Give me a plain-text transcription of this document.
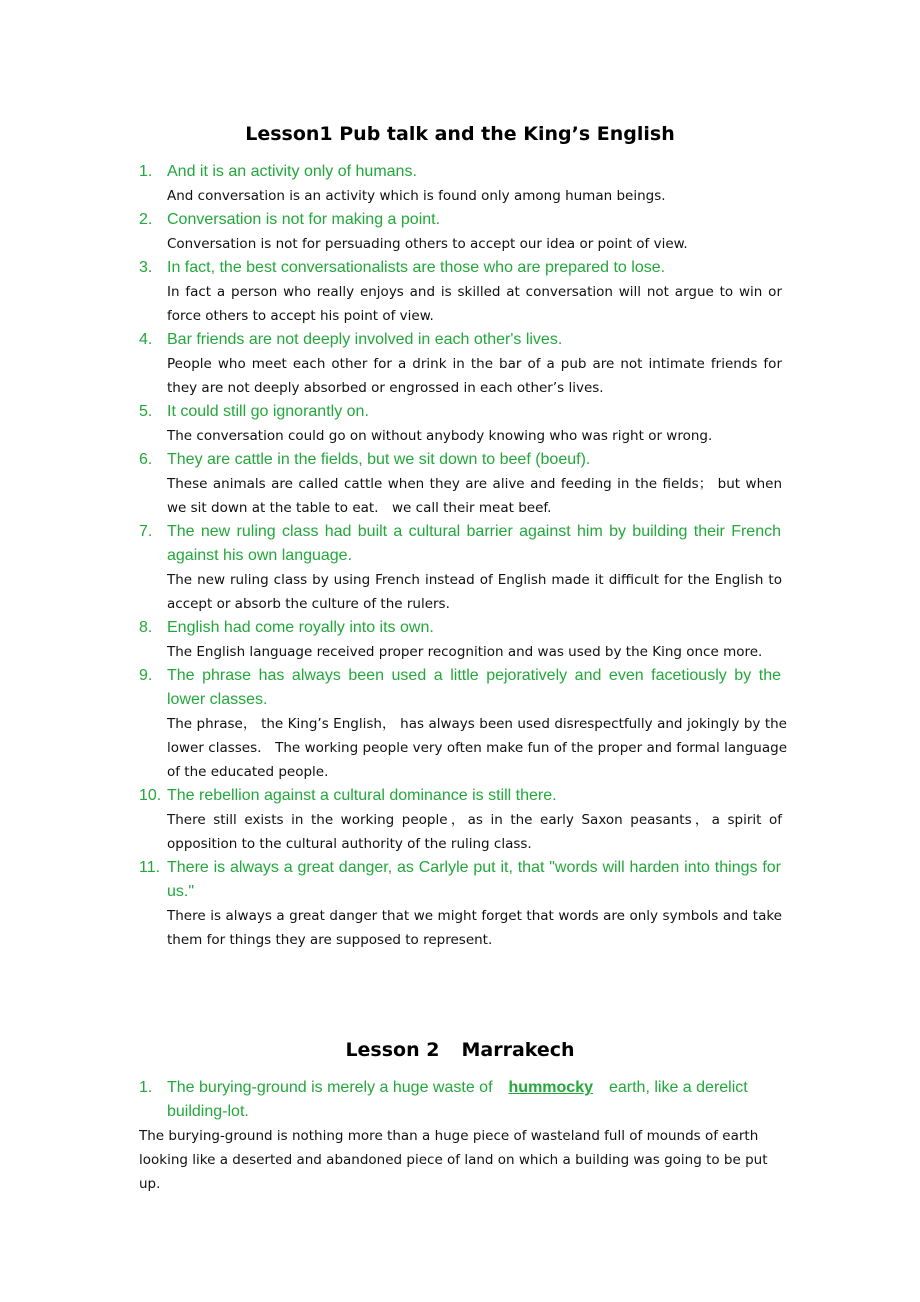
Lesson1 Pub talk and the King’s English
1. And it is an activity only of humans.

And conversation is an activity which is found only among human beings.

2. Conversation is not for making a point.

Conversation is not for persuading others to accept our idea or point of view.

3. In fact, the best conversationalists are those who are prepared to lose.

In fact a person who really enjoys and is skilled at conversation will not argue to win or force others to accept his point of view.

4. Bar friends are not deeply involved in each other's lives.

People who meet each other for a drink in the bar of a pub are not intimate friends for they are not deeply absorbed or engrossed in each other’s lives.

5. It could still go ignorantly on.

The conversation could go on without anybody knowing who was right or wrong.

6. They are cattle in the fields, but we sit down to beef (boeuf).

These animals are called cattle when they are alive and feeding in the fields； but when we sit down at the table to eat． we call their meat beef.

7. The new ruling class had built a cultural barrier against him by building their French against his own language.

The new ruling class by using French instead of English made it difficult for the English to accept or absorb the culture of the rulers.

8. English had come royally into its own.

The English language received proper recognition and was used by the King once more.

9. The phrase has always been used a little pejoratively and even facetiously by the lower classes.

The phrase， the King’s English， has always been used disrespectfully and jokingly by the lower classes． The working people very often make fun of the proper and formal language of the educated people.

10. The rebellion against a cultural dominance is still there.

There still exists in the working people，as in the early Saxon peasants，a spirit of opposition to the cultural authority of the ruling class.

11. There is always a great danger, as Carlyle put it, that "words will harden into things for us."

There is always a great danger that we might forget that words are only symbols and take them for things they are supposed to represent.

Lesson 2 Marrakech
1. The burying-ground is merely a huge waste of hummocky earth, like a derelict building-lot.

The burying-ground is nothing more than a huge piece of wasteland full of mounds of earth looking like a deserted and abandoned piece of land on which a building was going to be put up.
